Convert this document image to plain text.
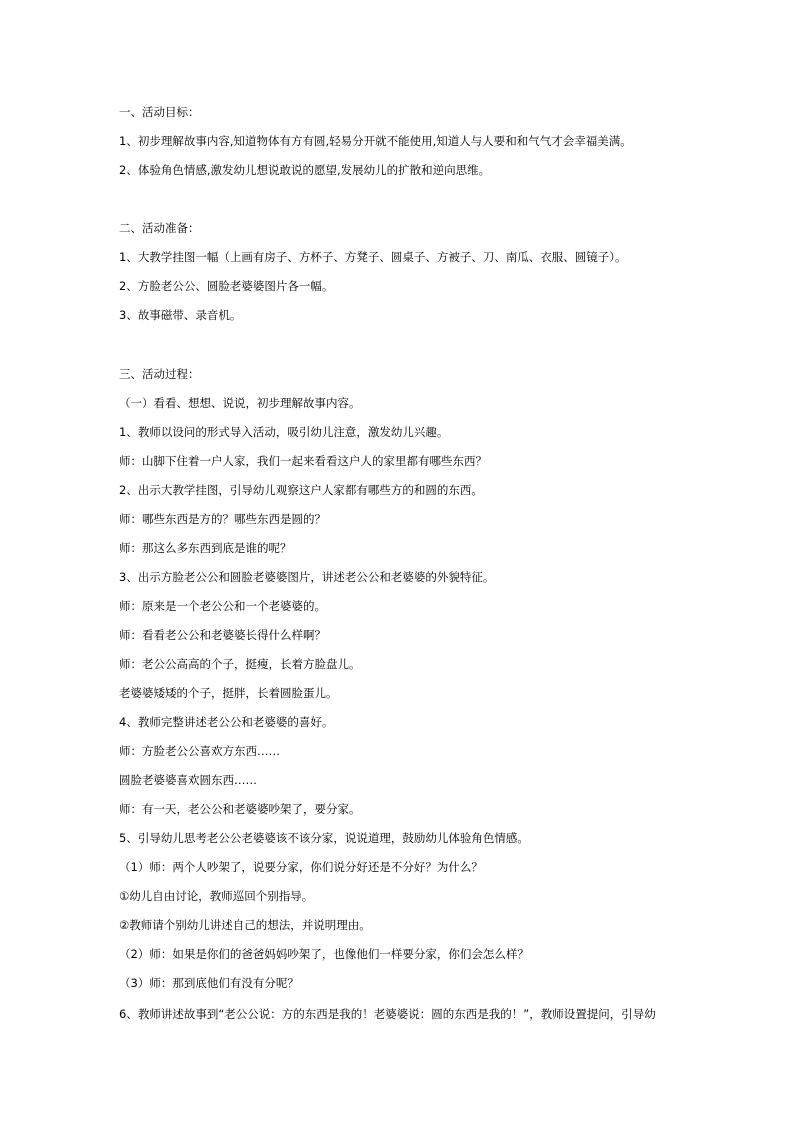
一、活动目标：
1、初步理解故事内容,知道物体有方有圆,轻易分开就不能使用,知道人与人要和和气气才会幸福美满。
2、体验角色情感,激发幼儿想说敢说的愿望,发展幼儿的扩散和逆向思维。
二、活动准备：
1、大教学挂图一幅（上画有房子、方杯子、方凳子、圆桌子、方被子、刀、南瓜、衣服、圆镜子）。
2、方脸老公公、圆脸老婆婆图片各一幅。
3、故事磁带、录音机。
三、活动过程：
（一）看看、想想、说说，初步理解故事内容。
1、教师以设问的形式导入活动，吸引幼儿注意，激发幼儿兴趣。
师：山脚下住着一户人家，我们一起来看看这户人的家里都有哪些东西？
2、出示大教学挂图，引导幼儿观察这户人家都有哪些方的和圆的东西。
师：哪些东西是方的？哪些东西是圆的？
师：那这么多东西到底是谁的呢？
3、出示方脸老公公和圆脸老婆婆图片，讲述老公公和老婆婆的外貌特征。
师：原来是一个老公公和一个老婆婆的。
师：看看老公公和老婆婆长得什么样啊？
师：老公公高高的个子，挺瘦，长着方脸盘儿。
老婆婆矮矮的个子，挺胖，长着圆脸蛋儿。
4、教师完整讲述老公公和老婆婆的喜好。
师：方脸老公公喜欢方东西……
圆脸老婆婆喜欢圆东西……
师：有一天，老公公和老婆婆吵架了，要分家。
5、引导幼儿思考老公公老婆婆该不该分家，说说道理，鼓励幼儿体验角色情感。
（1）师：两个人吵架了，说要分家，你们说分好还是不分好？为什么？
①幼儿自由讨论，教师巡回个别指导。
②教师请个别幼儿讲述自己的想法，并说明理由。
（2）师：如果是你们的爸爸妈妈吵架了，也像他们一样要分家，你们会怎么样？
（3）师：那到底他们有没有分呢？
6、教师讲述故事到“老公公说：方的东西是我的！老婆婆说：圆的东西是我的！”，教师设置提问，引导幼
